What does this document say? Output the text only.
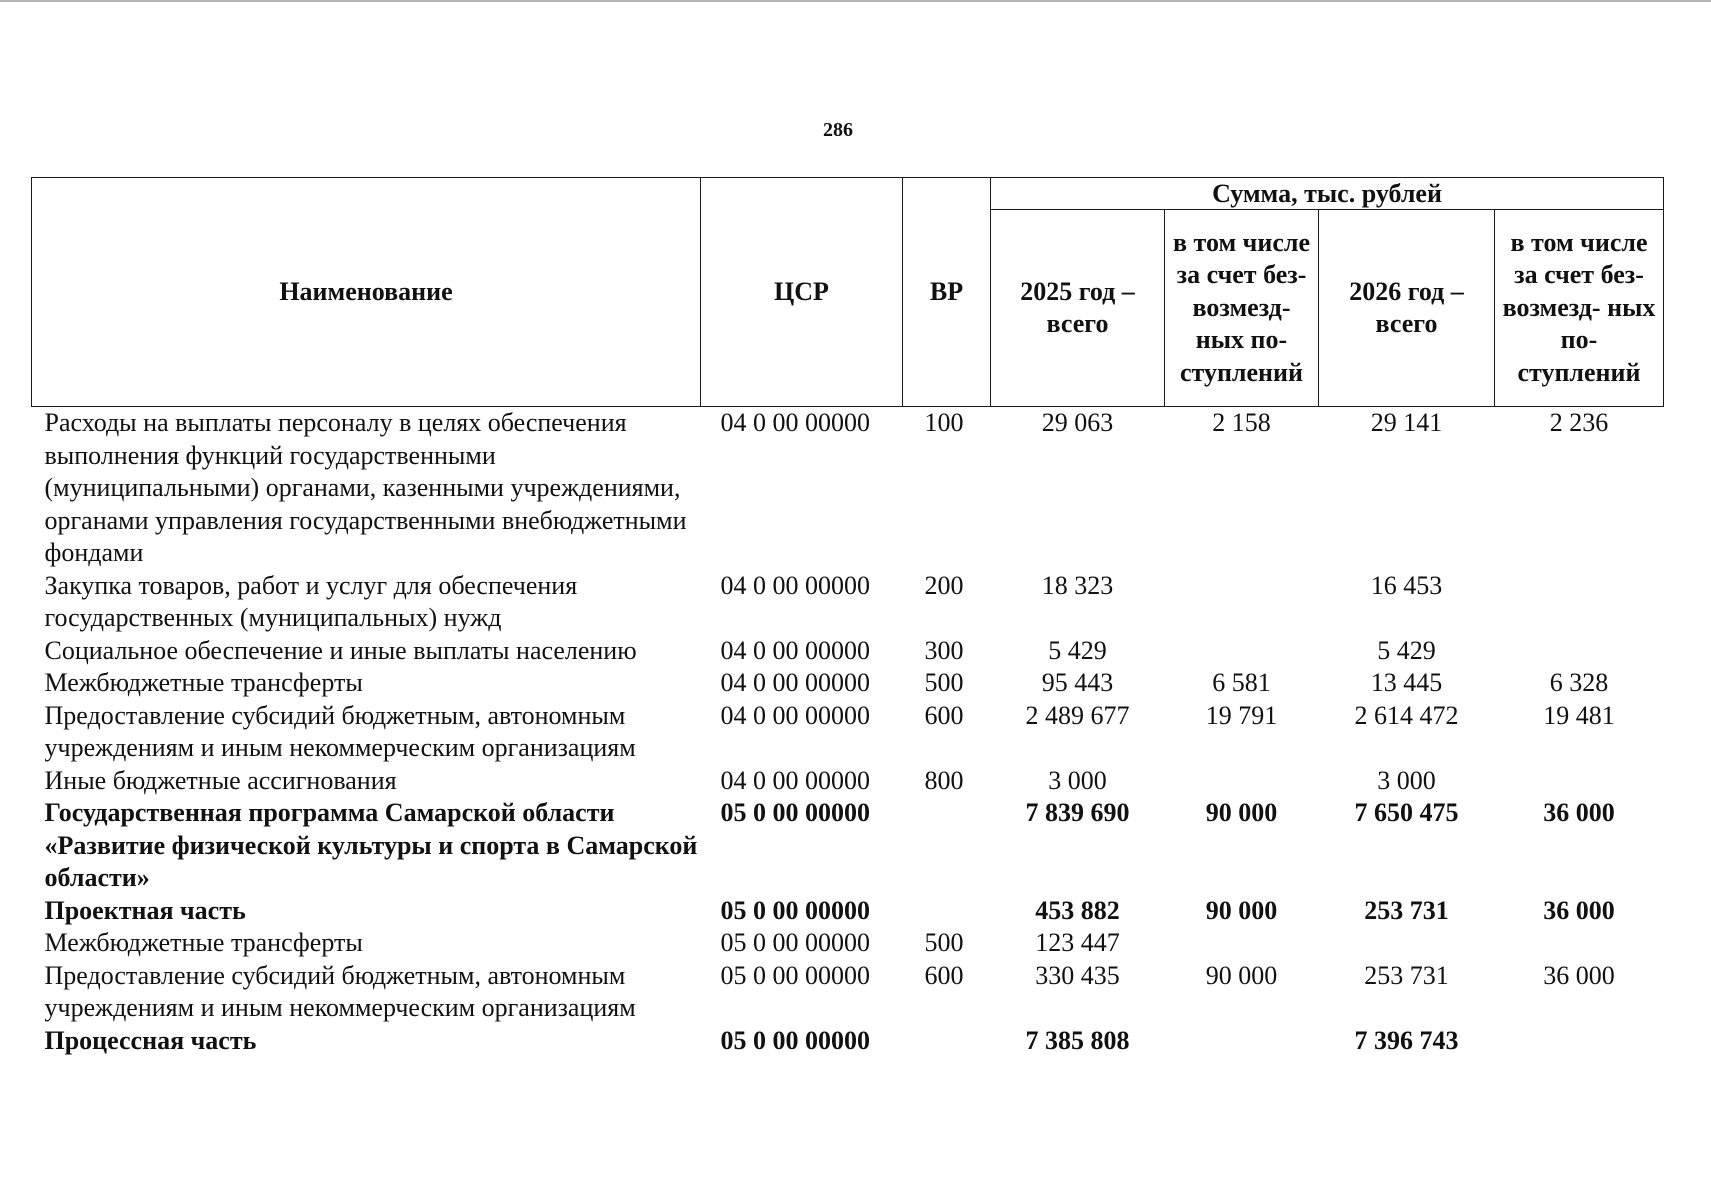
286
Наименование	ЦСР	ВР	Сумма, тыс. рублей			
			2025 год – всего	в том числе за счет без- возмезд- ных по- ступлений	2026 год – всего	в том числе за счет без- возмезд- ных по- ступлений
Расходы на выплаты персоналу в целях обеспечения выполнения функций государственными (муниципальными) органами, казенными учреждениями, органами управления государственными внебюджетными фондами	04 0 00 00000	100	29 063	2 158	29 141	2 236
Закупка товаров, работ и услуг для обеспечения государственных (муниципальных) нужд	04 0 00 00000	200	18 323		16 453	
Социальное обеспечение и иные выплаты населению	04 0 00 00000	300	5 429		5 429	
Межбюджетные трансферты	04 0 00 00000	500	95 443	6 581	13 445	6 328
Предоставление субсидий бюджетным, автономным учреждениям и иным некоммерческим организациям	04 0 00 00000	600	2 489 677	19 791	2 614 472	19 481
Иные бюджетные ассигнования	04 0 00 00000	800	3 000		3 000	
Государственная программа Самарской области «Развитие физической культуры и спорта в Самарской области»	05 0 00 00000		7 839 690	90 000	7 650 475	36 000
Проектная часть	05 0 00 00000		453 882	90 000	253 731	36 000
Межбюджетные трансферты	05 0 00 00000	500	123 447			
Предоставление субсидий бюджетным, автономным учреждениям и иным некоммерческим организациям	05 0 00 00000	600	330 435	90 000	253 731	36 000
Процессная часть	05 0 00 00000		7 385 808		7 396 743	
